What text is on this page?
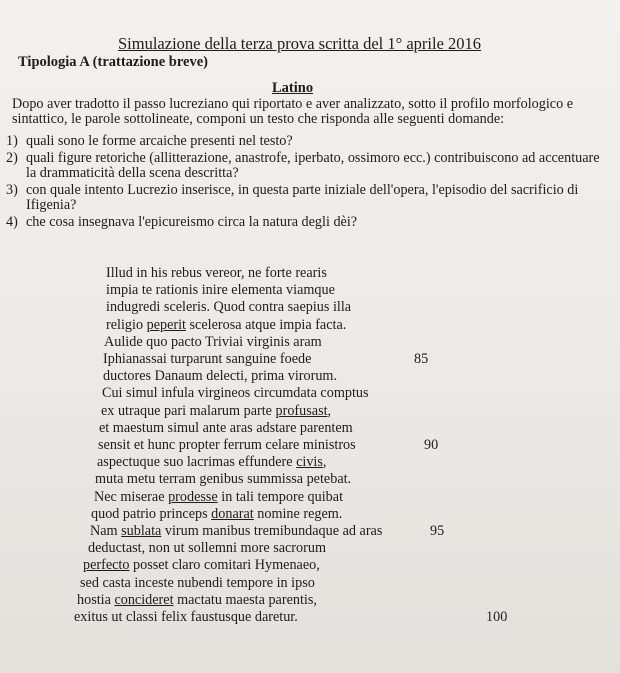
Simulazione della terza prova scritta del 1° aprile 2016
Tipologia A (trattazione breve)
Latino

Dopo aver tradotto il passo lucreziano qui riportato e aver analizzato, sotto il profilo morfologico e sintattico, le parole sottolineate, componi un testo che risponda alle seguenti domande:

1) quali sono le forme arcaiche presenti nel testo?
2) quali figure retoriche (allitterazione, anastrofe, iperbato, ossimoro ecc.) contribuiscono ad accentuare la drammaticità della scena descritta?
3) con quale intento Lucrezio inserisce, in questa parte iniziale dell'opera, l'episodio del sacrificio di Ifigenia?
4) che cosa insegnava l'epicureismo circa la natura degli dèi?
Illud in his rebus vereor, ne forte rearis
impia te rationis inire elementa viamque
indugredi sceleris. Quod contra saepius illa
religio peperit scelerosa atque impia facta.
Aulide quo pacto Triviai virginis aram
Iphianassai turparunt sanguine foede
ductores Danaum delecti, prima virorum.
Cui simul infula virgineos circumdata comptus
ex utraque pari malarum parte profusast,
et maestum simul ante aras adstare parentem
sensit et hunc propter ferrum celare ministros
aspectuque suo lacrimas effundere civis,
muta metu terram genibus summissa petebat.
Nec miserae prodesse in tali tempore quibat
quod patrio princeps donarat nomine regem.
Nam sublata virum manibus tremibundaque ad aras
deductast, non ut sollemni more sacrorum
perfecto posset claro comitari Hymenaeo,
sed casta inceste nubendi tempore in ipso
hostia concideret mactatu maesta parentis,
exitus ut classi felix faustusque daretur.
85
90
95
100
